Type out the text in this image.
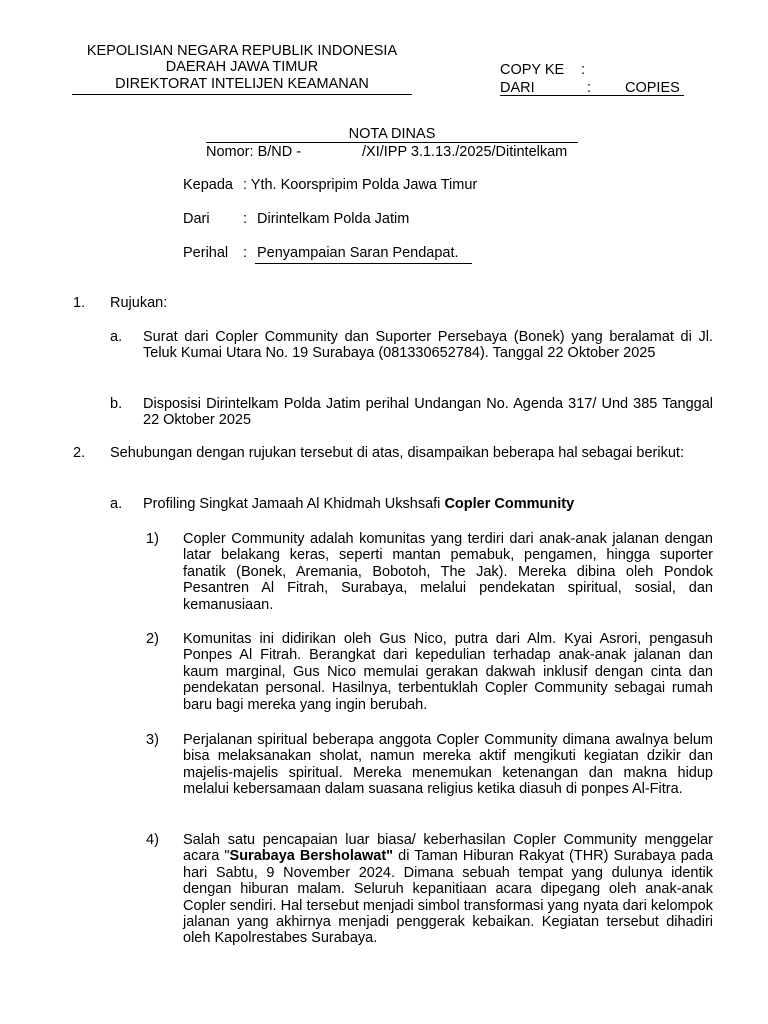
KEPOLISIAN NEGARA REPUBLIK INDONESIA
DAERAH JAWA TIMUR
DIREKTORAT INTELIJEN KEAMANAN
COPY KE :
DARI	: COPIES
NOTA DINAS
Nomor: B/ND -	/XI/IPP 3.1.13./2025/Ditintelkam
Kepada : Yth. Koorspripim Polda Jawa Timur
Dari : Dirintelkam Polda Jatim
Perihal : Penyampaian Saran Pendapat.
1. Rujukan:
a. Surat dari Copler Community dan Suporter Persebaya (Bonek) yang beralamat di Jl. Teluk Kumai Utara No. 19 Surabaya (081330652784). Tanggal 22 Oktober 2025
b. Disposisi Dirintelkam Polda Jatim perihal Undangan No. Agenda 317/ Und 385 Tanggal 22 Oktober 2025
2. Sehubungan dengan rujukan tersebut di atas, disampaikan beberapa hal sebagai berikut:
a. Profiling Singkat Jamaah Al Khidmah Ukshsafi Copler Community
1) Copler Community adalah komunitas yang terdiri dari anak-anak jalanan dengan latar belakang keras, seperti mantan pemabuk, pengamen, hingga suporter fanatik (Bonek, Aremania, Bobotoh, The Jak). Mereka dibina oleh Pondok Pesantren Al Fitrah, Surabaya, melalui pendekatan spiritual, sosial, dan kemanusiaan.
2) Komunitas ini didirikan oleh Gus Nico, putra dari Alm. Kyai Asrori, pengasuh Ponpes Al Fitrah. Berangkat dari kepedulian terhadap anak-anak jalanan dan kaum marginal, Gus Nico memulai gerakan dakwah inklusif dengan cinta dan pendekatan personal. Hasilnya, terbentuklah Copler Community sebagai rumah baru bagi mereka yang ingin berubah.
3) Perjalanan spiritual beberapa anggota Copler Community dimana awalnya belum bisa melaksanakan sholat, namun mereka aktif mengikuti kegiatan dzikir dan majelis-majelis spiritual. Mereka menemukan ketenangan dan makna hidup melalui kebersamaan dalam suasana religius ketika diasuh di ponpes Al-Fitra.
4) Salah satu pencapaian luar biasa/ keberhasilan Copler Community menggelar acara "Surabaya Bersholawat" di Taman Hiburan Rakyat (THR) Surabaya pada hari Sabtu, 9 November 2024. Dimana sebuah tempat yang dulunya identik dengan hiburan malam. Seluruh kepanitiaan acara dipegang oleh anak-anak Copler sendiri. Hal tersebut menjadi simbol transformasi yang nyata dari kelompok jalanan yang akhirnya menjadi penggerak kebaikan. Kegiatan tersebut dihadiri oleh Kapolrestabes Surabaya.
